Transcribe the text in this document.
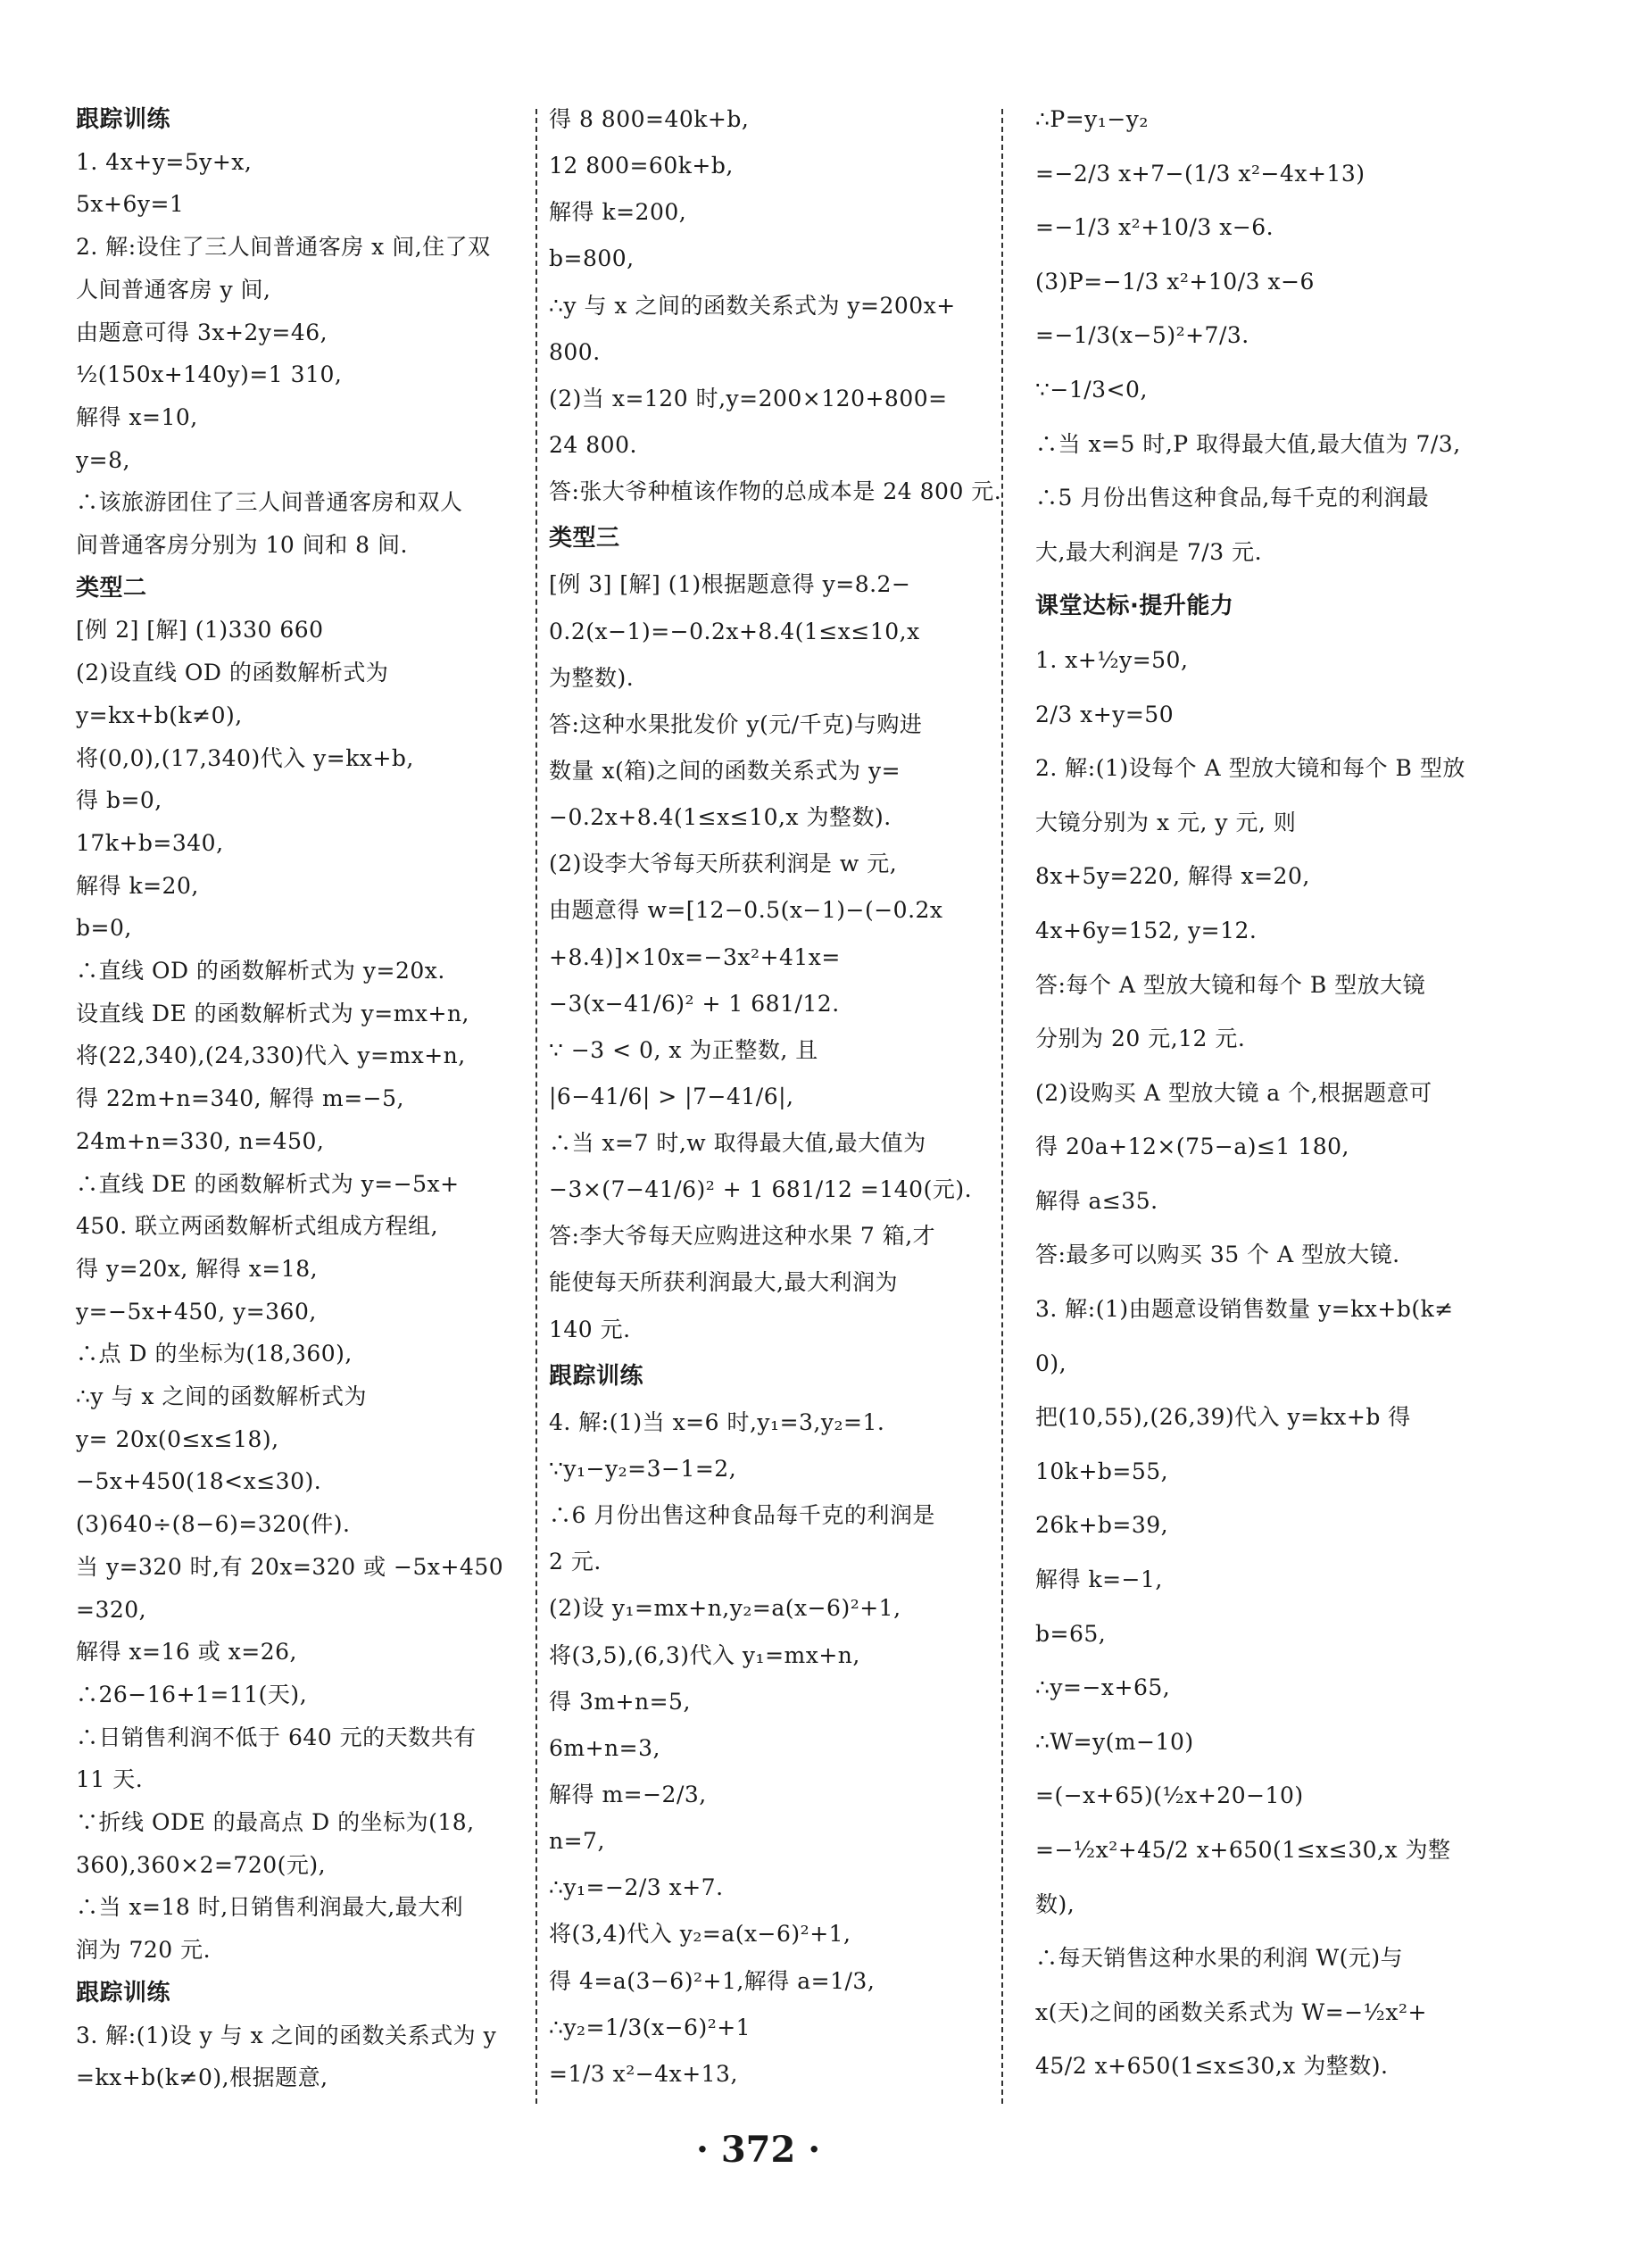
跟踪训练
1. 4x+y=5y+x,
5x+6y=1
2. 解:设住了三人间普通客房 x 间,住了双
人间普通客房 y 间,
由题意可得 3x+2y=46,
½(150x+140y)=1 310,
解得 x=10,
y=8,
∴该旅游团住了三人间普通客房和双人
间普通客房分别为 10 间和 8 间.
类型二
[例 2] [解] (1)330 660
(2)设直线 OD 的函数解析式为
y=kx+b(k≠0),
将(0,0),(17,340)代入 y=kx+b,
得 b=0,
17k+b=340,
解得 k=20,
b=0,
∴直线 OD 的函数解析式为 y=20x.
设直线 DE 的函数解析式为 y=mx+n,
将(22,340),(24,330)代入 y=mx+n,
得 22m+n=340, 解得 m=−5,
24m+n=330, n=450,
∴直线 DE 的函数解析式为 y=−5x+
450. 联立两函数解析式组成方程组,
得 y=20x, 解得 x=18,
y=−5x+450, y=360,
∴点 D 的坐标为(18,360),
∴y 与 x 之间的函数解析式为
y= 20x(0≤x≤18),
−5x+450(18<x≤30).
(3)640÷(8−6)=320(件).
当 y=320 时,有 20x=320 或 −5x+450
=320,
解得 x=16 或 x=26,
∴26−16+1=11(天),
∴日销售利润不低于 640 元的天数共有
11 天.
∵折线 ODE 的最高点 D 的坐标为(18,
360),360×2=720(元),
∴当 x=18 时,日销售利润最大,最大利
润为 720 元.
跟踪训练
3. 解:(1)设 y 与 x 之间的函数关系式为 y
=kx+b(k≠0),根据题意,
得 8 800=40k+b,
12 800=60k+b,
解得 k=200,
b=800,
∴y 与 x 之间的函数关系式为 y=200x+
800.
(2)当 x=120 时,y=200×120+800=
24 800.
答:张大爷种植该作物的总成本是 24 800 元.
类型三
[例 3] [解] (1)根据题意得 y=8.2−
0.2(x−1)=−0.2x+8.4(1≤x≤10,x
为整数).
答:这种水果批发价 y(元/千克)与购进
数量 x(箱)之间的函数关系式为 y=
−0.2x+8.4(1≤x≤10,x 为整数).
(2)设李大爷每天所获利润是 w 元,
由题意得 w=[12−0.5(x−1)−(−0.2x
+8.4)]×10x=−3x²+41x=
−3(x−41/6)² + 1 681/12.
∵ −3 < 0, x 为正整数, 且
|6−41/6| > |7−41/6|,
∴当 x=7 时,w 取得最大值,最大值为
−3×(7−41/6)² + 1 681/12 =140(元).
答:李大爷每天应购进这种水果 7 箱,才
能使每天所获利润最大,最大利润为
140 元.
跟踪训练
4. 解:(1)当 x=6 时,y₁=3,y₂=1.
∵y₁−y₂=3−1=2,
∴6 月份出售这种食品每千克的利润是
2 元.
(2)设 y₁=mx+n,y₂=a(x−6)²+1,
将(3,5),(6,3)代入 y₁=mx+n,
得 3m+n=5,
6m+n=3,
解得 m=−2/3,
n=7,
∴y₁=−2/3 x+7.
将(3,4)代入 y₂=a(x−6)²+1,
得 4=a(3−6)²+1,解得 a=1/3,
∴y₂=1/3(x−6)²+1
=1/3 x²−4x+13,
∴P=y₁−y₂
=−2/3 x+7−(1/3 x²−4x+13)
=−1/3 x²+10/3 x−6.
(3)P=−1/3 x²+10/3 x−6
=−1/3(x−5)²+7/3.
∵−1/3<0,
∴当 x=5 时,P 取得最大值,最大值为 7/3,
∴5 月份出售这种食品,每千克的利润最
大,最大利润是 7/3 元.
课堂达标·提升能力
1. x+½y=50,
2/3 x+y=50
2. 解:(1)设每个 A 型放大镜和每个 B 型放
大镜分别为 x 元, y 元, 则
8x+5y=220, 解得 x=20,
4x+6y=152, y=12.
答:每个 A 型放大镜和每个 B 型放大镜
分别为 20 元,12 元.
(2)设购买 A 型放大镜 a 个,根据题意可
得 20a+12×(75−a)≤1 180,
解得 a≤35.
答:最多可以购买 35 个 A 型放大镜.
3. 解:(1)由题意设销售数量 y=kx+b(k≠
0),
把(10,55),(26,39)代入 y=kx+b 得
10k+b=55,
26k+b=39,
解得 k=−1,
b=65,
∴y=−x+65,
∴W=y(m−10)
=(−x+65)(½x+20−10)
=−½x²+45/2 x+650(1≤x≤30,x 为整
数),
∴每天销售这种水果的利润 W(元)与
x(天)之间的函数关系式为 W=−½x²+
45/2 x+650(1≤x≤30,x 为整数).
· 372 ·
